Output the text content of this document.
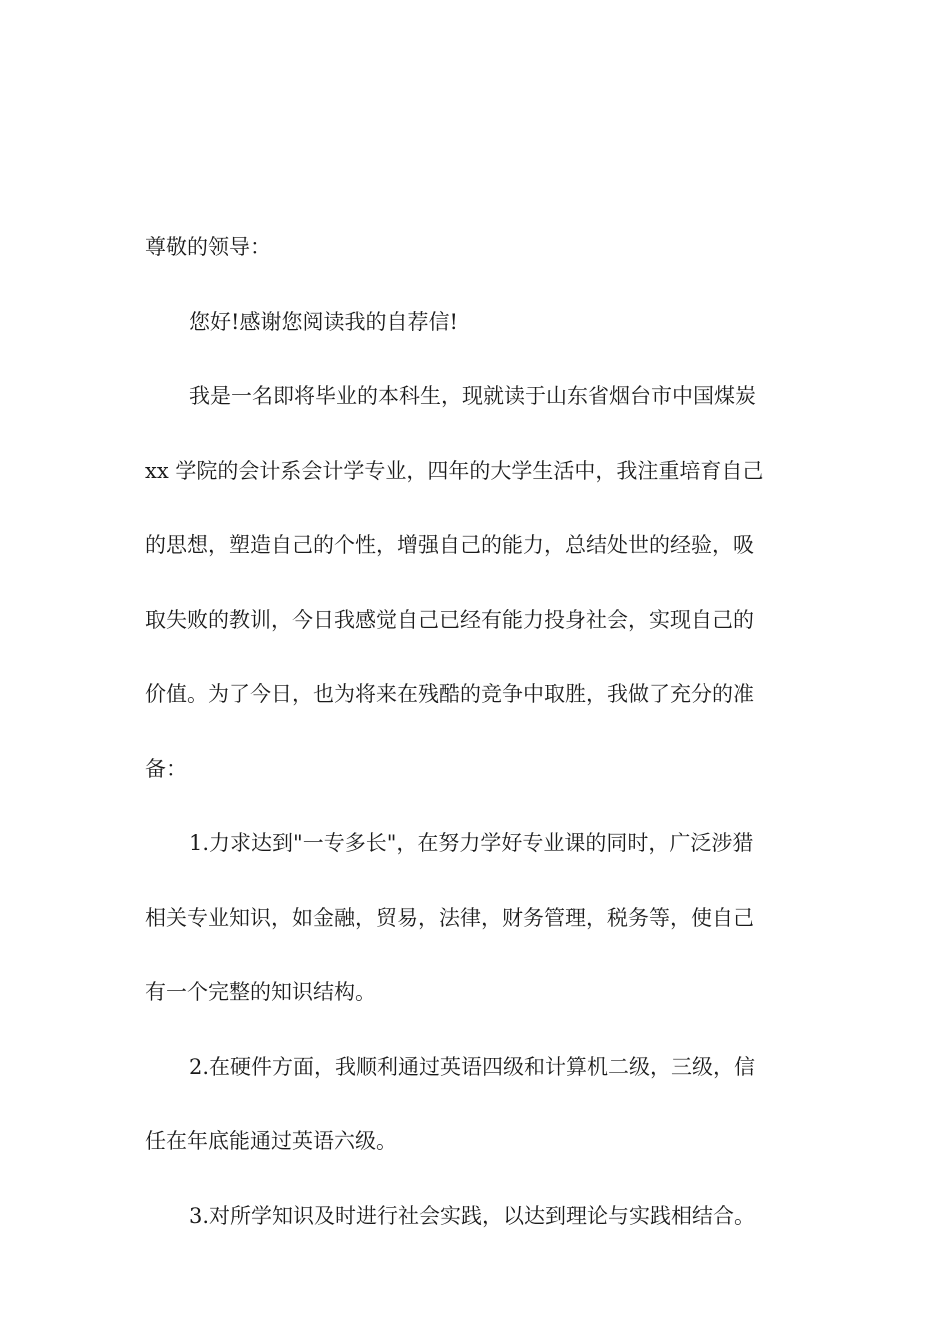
尊敬的领导：

您好!感谢您阅读我的自荐信!

我是一名即将毕业的本科生，现就读于山东省烟台市中国煤炭

xx 学院的会计系会计学专业，四年的大学生活中，我注重培育自己

的思想，塑造自己的个性，增强自己的能力，总结处世的经验，吸

取失败的教训，今日我感觉自己已经有能力投身社会，实现自己的

价值。为了今日，也为将来在残酷的竞争中取胜，我做了充分的准

备：

1.力求达到"一专多长"，在努力学好专业课的同时，广泛涉猎

相关专业知识，如金融，贸易，法律，财务管理，税务等，使自己

有一个完整的知识结构。

2.在硬件方面，我顺利通过英语四级和计算机二级，三级，信

任在年底能通过英语六级。

3.对所学知识及时进行社会实践，以达到理论与实践相结合。
